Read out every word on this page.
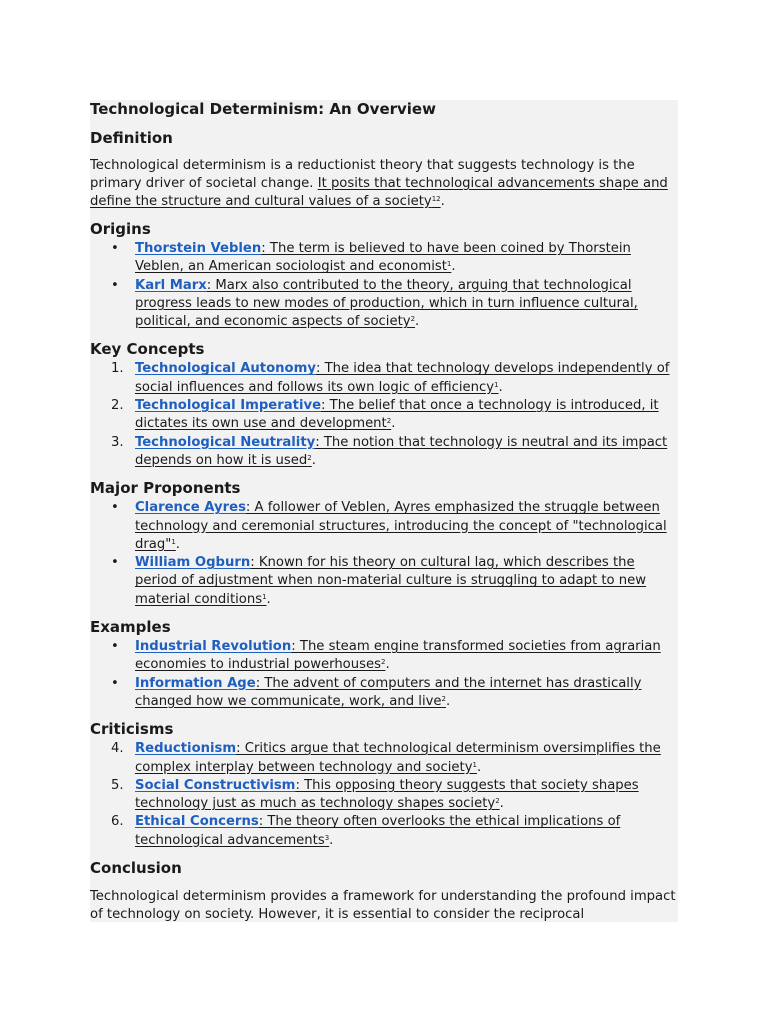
Technological Determinism: An Overview
Definition

Technological determinism is a reductionist theory that suggests technology is the primary driver of societal change. It posits that technological advancements shape and define the structure and cultural values of a society$^{12}$.

Origins
•	Thorstein Veblen: The term is believed to have been coined by Thorstein Veblen, an American sociologist and economist$^1$.
•	Karl Marx: Marx also contributed to the theory, arguing that technological progress leads to new modes of production, which in turn influence cultural, political, and economic aspects of society$^2$.
Key Concepts
1. Technological Autonomy: The idea that technology develops independently of social influences and follows its own logic of efficiency$^1$.
2. Technological Imperative: The belief that once a technology is introduced, it dictates its own use and development$^2$.
3. Technological Neutrality: The notion that technology is neutral and its impact depends on how it is used$^2$.
Major Proponents
•	Clarence Ayres: A follower of Veblen, Ayres emphasized the struggle between technology and ceremonial structures, introducing the concept of "technological drag"$^1$.
•	William Ogburn: Known for his theory on cultural lag, which describes the period of adjustment when non-material culture is struggling to adapt to new material conditions$^1$.
Examples
•	Industrial Revolution: The steam engine transformed societies from agrarian economies to industrial powerhouses$^2$.
•	Information Age: The advent of computers and the internet has drastically changed how we communicate, work, and live$^2$.
Criticisms
4. Reductionism: Critics argue that technological determinism oversimplifies the complex interplay between technology and society$^1$.
5. Social Constructivism: This opposing theory suggests that society shapes technology just as much as technology shapes society$^2$.
6. Ethical Concerns: The theory often overlooks the ethical implications of technological advancements$^3$.
Conclusion

Technological determinism provides a framework for understanding the profound impact of technology on society. However, it is essential to consider the reciprocal
